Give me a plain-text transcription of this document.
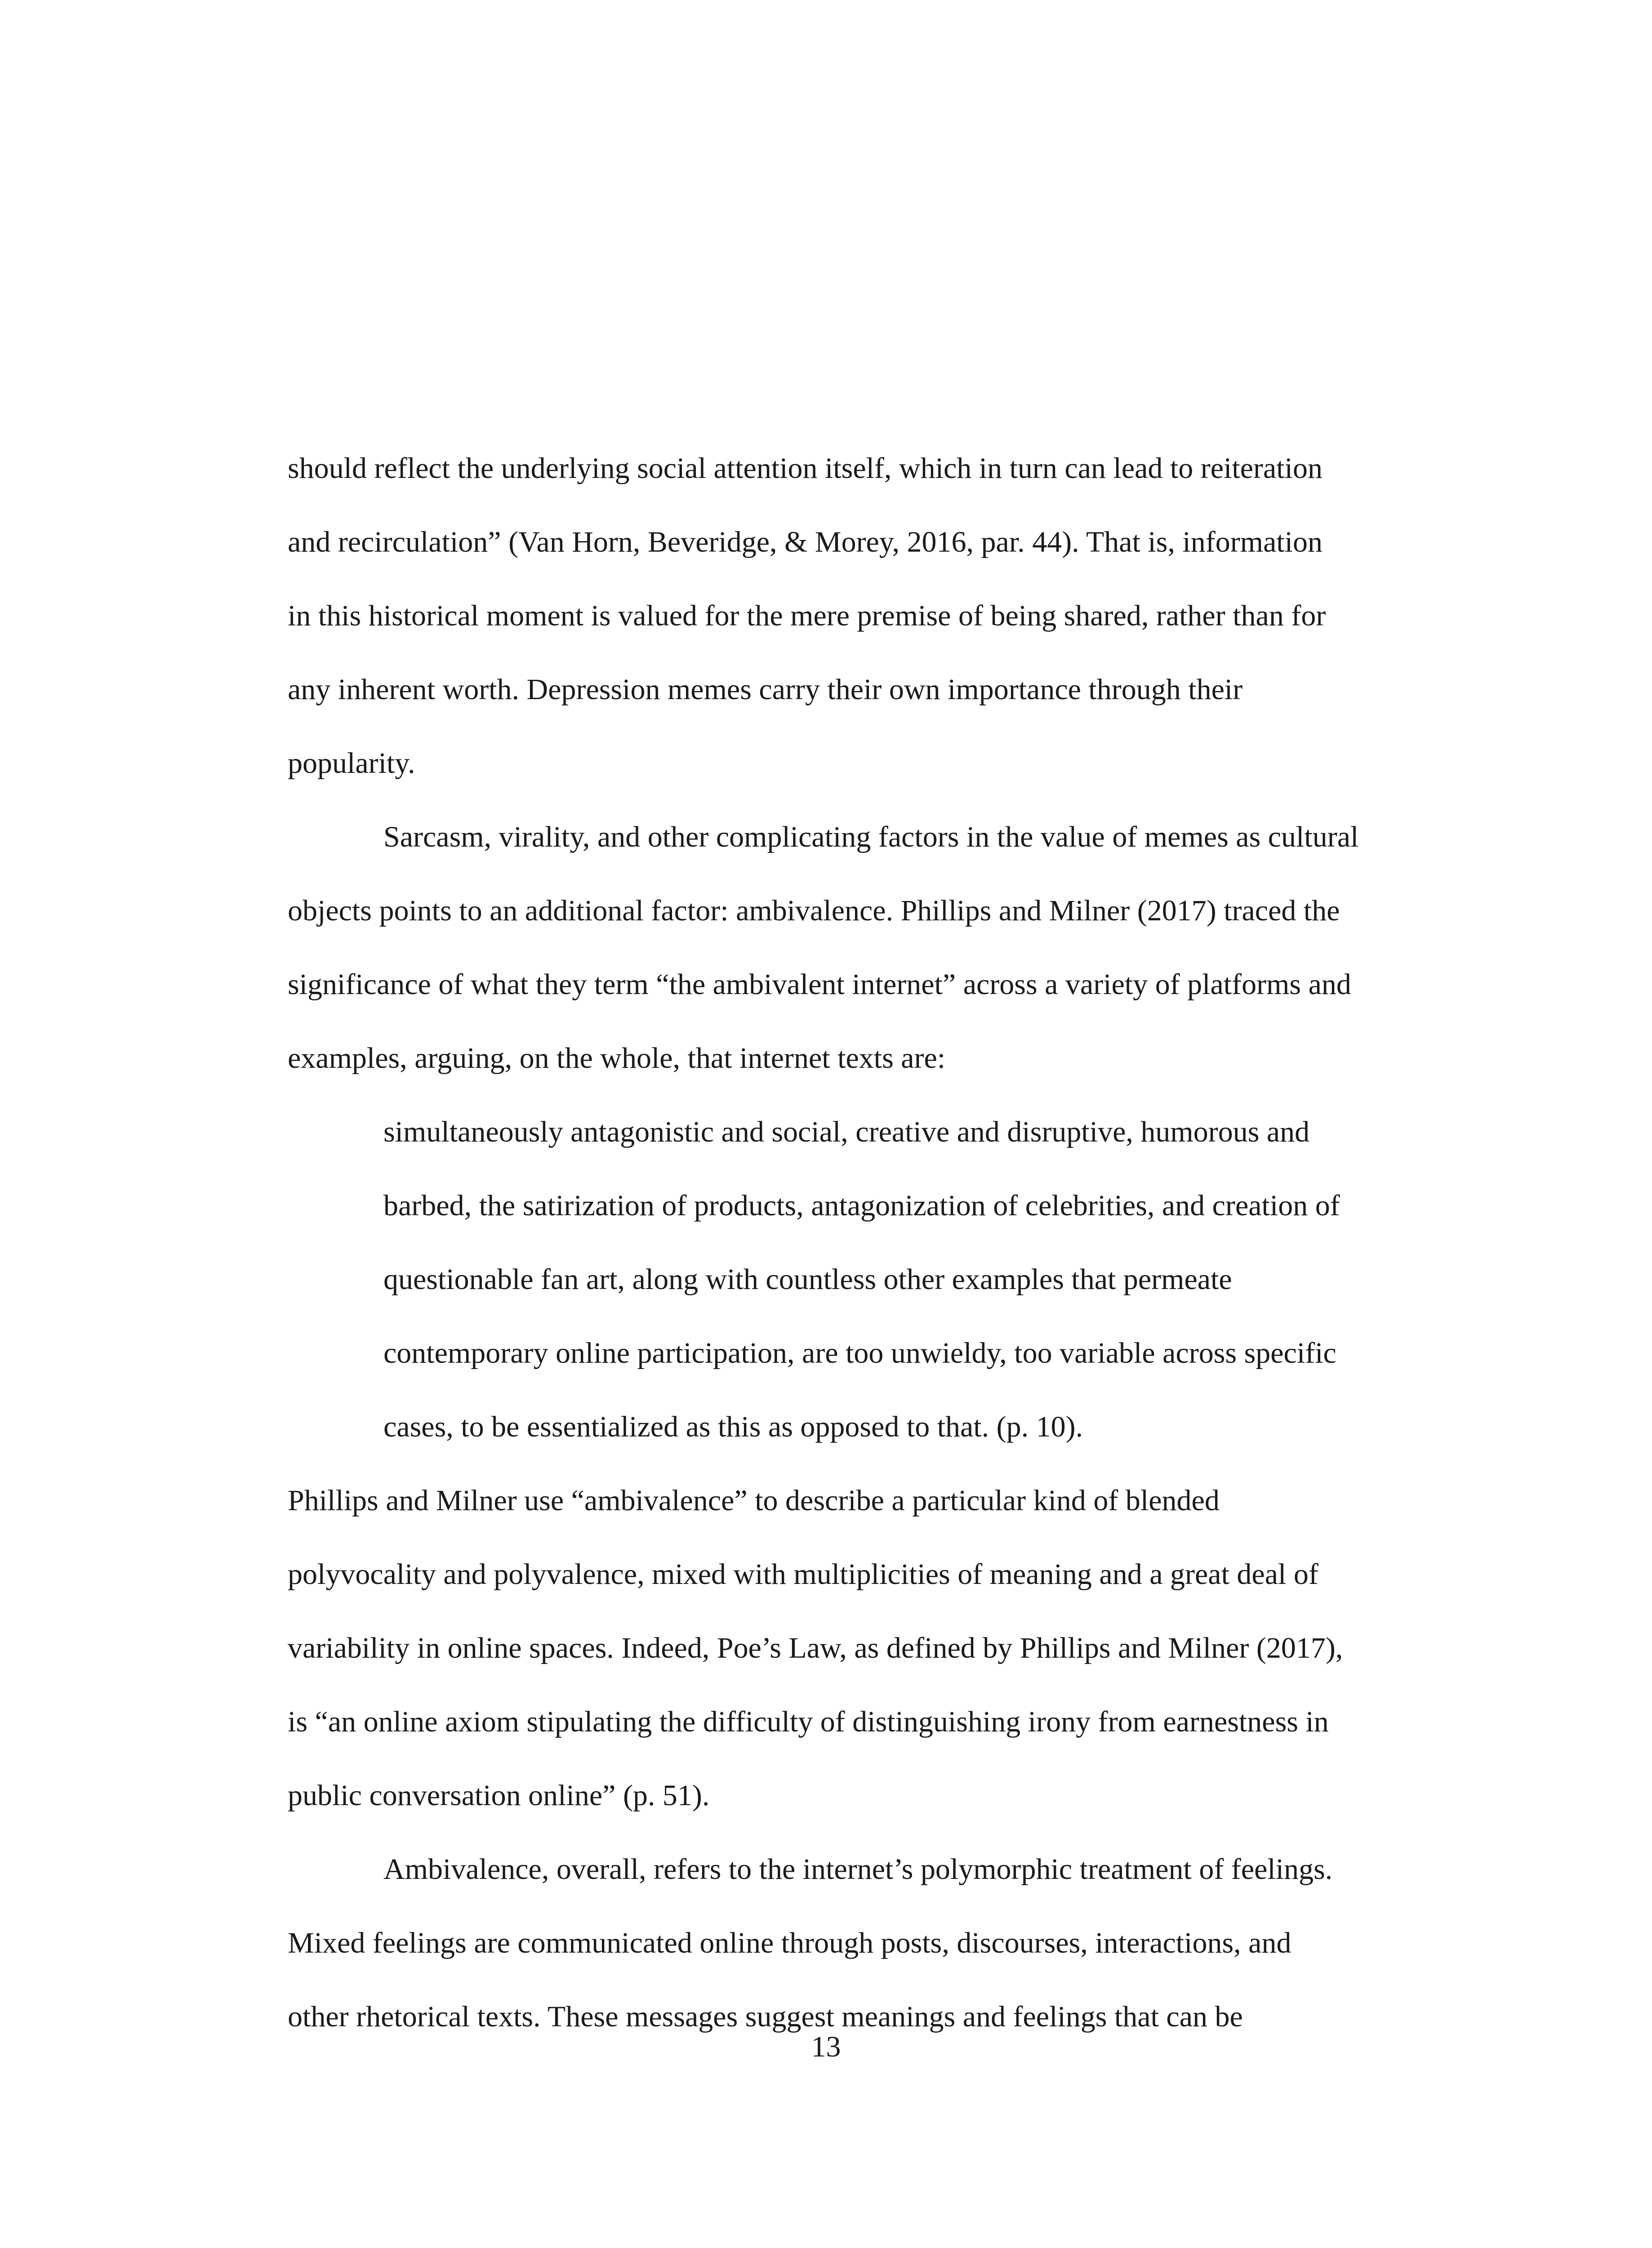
should reflect the underlying social attention itself, which in turn can lead to reiteration
and recirculation” (Van Horn, Beveridge, & Morey, 2016, par. 44). That is, information
in this historical moment is valued for the mere premise of being shared, rather than for
any inherent worth. Depression memes carry their own importance through their
popularity.
Sarcasm, virality, and other complicating factors in the value of memes as cultural
objects points to an additional factor: ambivalence. Phillips and Milner (2017) traced the
significance of what they term “the ambivalent internet” across a variety of platforms and
examples, arguing, on the whole, that internet texts are:
simultaneously antagonistic and social, creative and disruptive, humorous and
barbed, the satirization of products, antagonization of celebrities, and creation of
questionable fan art, along with countless other examples that permeate
contemporary online participation, are too unwieldy, too variable across specific
cases, to be essentialized as this as opposed to that. (p. 10).
Phillips and Milner use “ambivalence” to describe a particular kind of blended
polyvocality and polyvalence, mixed with multiplicities of meaning and a great deal of
variability in online spaces. Indeed, Poe’s Law, as defined by Phillips and Milner (2017),
is “an online axiom stipulating the difficulty of distinguishing irony from earnestness in
public conversation online” (p. 51).
Ambivalence, overall, refers to the internet’s polymorphic treatment of feelings.
Mixed feelings are communicated online through posts, discourses, interactions, and
other rhetorical texts. These messages suggest meanings and feelings that can be
13
